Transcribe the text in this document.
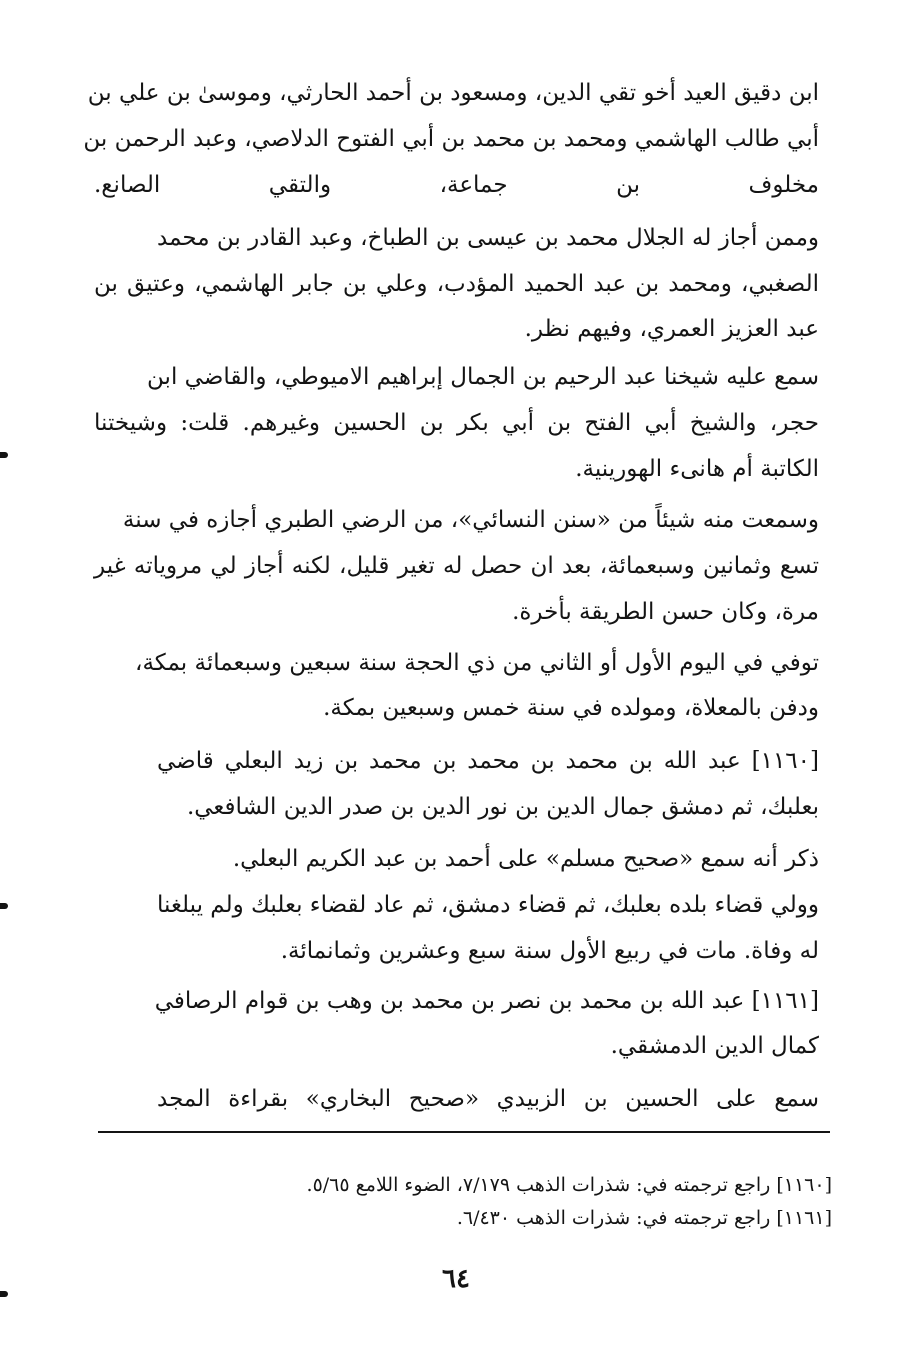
ابن دقيق العيد أخو تقي الدين، ومسعود بن أحمد الحارثي، وموسىٰ بن علي بن
أبي طالب الهاشمي ومحمد بن محمد بن أبي الفتوح الدلاصي، وعبد الرحمن بن
مخلوف بن جماعة، والتقي الصانع.
وممن أجاز له الجلال محمد بن عيسى بن الطباخ، وعبد القادر بن محمد
الصغبي، ومحمد بن عبد الحميد المؤدب، وعلي بن جابر الهاشمي، وعتيق بن
عبد العزيز العمري، وفيهم نظر.
سمع عليه شيخنا عبد الرحيم بن الجمال إبراهيم الاميوطي، والقاضي ابن
حجر، والشيخ أبي الفتح بن أبي بكر بن الحسين وغيرهم. قلت: وشيختنا
الكاتبة أم هانىء الهورينية.
وسمعت منه شيئاً من «سنن النسائي»، من الرضي الطبري أجازه في سنة
تسع وثمانين وسبعمائة، بعد ان حصل له تغير قليل، لكنه أجاز لي مروياته غير
مرة، وكان حسن الطريقة بأخرة.
توفي في اليوم الأول أو الثاني من ذي الحجة سنة سبعين وسبعمائة بمكة،
ودفن بالمعلاة، ومولده في سنة خمس وسبعين بمكة.
[١١٦٠] عبد الله بن محمد بن محمد بن محمد بن زيد البعلي قاضي
بعلبك، ثم دمشق جمال الدين بن نور الدين بن صدر الدين الشافعي.
ذكر أنه سمع «صحيح مسلم» على أحمد بن عبد الكريم البعلي.
وولي قضاء بلده بعلبك، ثم قضاء دمشق، ثم عاد لقضاء بعلبك ولم يبلغنا
له وفاة. مات في ربيع الأول سنة سبع وعشرين وثمانمائة.
[١١٦١] عبد الله بن محمد بن نصر بن محمد بن وهب بن قوام الرصافي
كمال الدين الدمشقي.
سمع على الحسين بن الزبيدي «صحيح البخاري» بقراءة المجد
[١١٦٠] راجع ترجمته في: شذرات الذهب ٧/١٧٩، الضوء اللامع ٥/٦٥.
[١١٦١] راجع ترجمته في: شذرات الذهب ٦/٤٣٠.
٦٤
